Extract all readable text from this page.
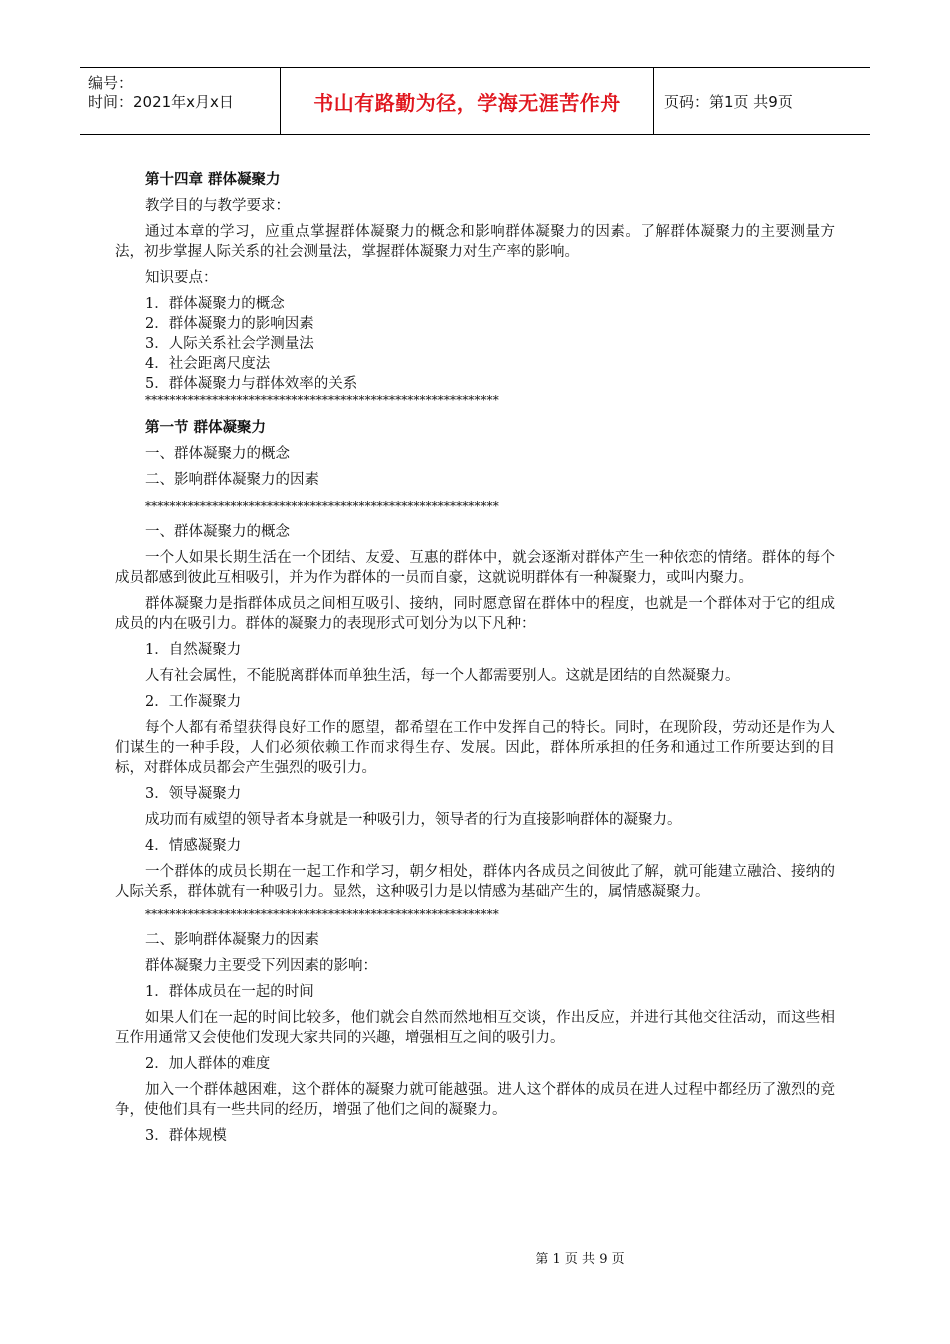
编号：
时间：2021年x月x日	书山有路勤为径，学海无涯苦作舟	页码：第1页 共9页
第十四章 群体凝聚力
教学目的与教学要求：
通过本章的学习，应重点掌握群体凝聚力的概念和影响群体凝聚力的因素。了解群体凝聚力的主要测量方法，初步掌握人际关系的社会测量法，掌握群体凝聚力对生产率的影响。
知识要点：
1．群体凝聚力的概念
2．群体凝聚力的影响因素
3．人际关系社会学测量法
4．社会距离尺度法
5．群体凝聚力与群体效率的关系
**********************************************************
第一节 群体凝聚力
一、群体凝聚力的概念
二、影响群体凝聚力的因素
**********************************************************
一、群体凝聚力的概念
一个人如果长期生活在一个团结、友爱、互惠的群体中，就会逐渐对群体产生一种依恋的情绪。群体的每个成员都感到彼此互相吸引，并为作为群体的一员而自豪，这就说明群体有一种凝聚力，或叫内聚力。
群体凝聚力是指群体成员之间相互吸引、接纳，同时愿意留在群体中的程度，也就是一个群体对于它的组成成员的内在吸引力。群体的凝聚力的表现形式可划分为以下凡种：
1．自然凝聚力
人有社会属性，不能脱离群体而单独生活，每一个人都需要别人。这就是团结的自然凝聚力。
2．工作凝聚力
每个人都有希望获得良好工作的愿望，都希望在工作中发挥自己的特长。同时，在现阶段，劳动还是作为人们谋生的一种手段，人们必须依赖工作而求得生存、发展。因此，群体所承担的任务和通过工作所要达到的目标，对群体成员都会产生强烈的吸引力。
3．领导凝聚力
成功而有威望的领导者本身就是一种吸引力，领导者的行为直接影响群体的凝聚力。
4．情感凝聚力
一个群体的成员长期在一起工作和学习，朝夕相处，群体内各成员之间彼此了解，就可能建立融洽、接纳的人际关系，群体就有一种吸引力。显然，这种吸引力是以情感为基础产生的，属情感凝聚力。
**********************************************************
二、影响群体凝聚力的因素
群体凝聚力主要受下列因素的影响：
1．群体成员在一起的时间
如果人们在一起的时间比较多，他们就会自然而然地相互交谈，作出反应，并进行其他交往活动，而这些相互作用通常又会使他们发现大家共同的兴趣，增强相互之间的吸引力。
2．加人群体的难度
加入一个群体越困难，这个群体的凝聚力就可能越强。进人这个群体的成员在进人过程中都经历了激烈的竞争，使他们具有一些共同的经历，增强了他们之间的凝聚力。
3．群体规模
第 1 页 共 9 页
